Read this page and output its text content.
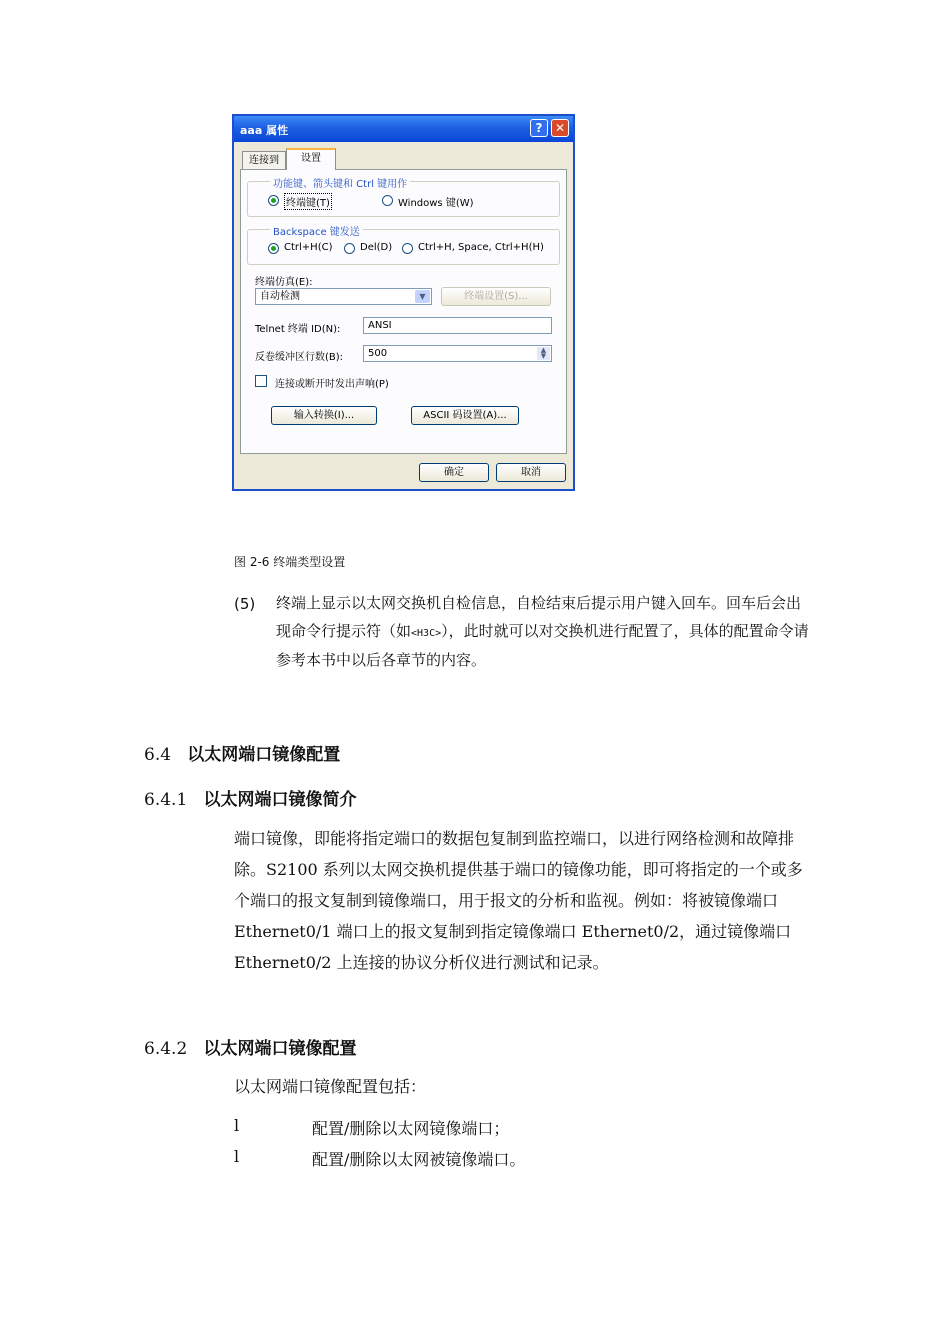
aaa 属性	?	✕
连接到
功能键、箭头键和 Ctrl 键用作
终端键(T)	Windows 键(W)
Backspace 键发送
Ctrl+H(C)	Del(D)	Ctrl+H, Space, Ctrl+H(H)
终端仿真(E):
自动检测	▼	终端设置(S)...
Telnet 终端 ID(N):	ANSI
反卷缓冲区行数(B):	500	▲
▼
连接或断开时发出声响(P)
输入转换(I)...	ASCII 码设置(A)...
设置
确定	取消
图 2-6 终端类型设置
(5) 终端上显示以太网交换机自检信息，自检结束后提示用户键入回车。回车后会出现命令行提示符（如<H3C>），此时就可以对交换机进行配置了，具体的配置命令请参考本书中以后各章节的内容。
6.4 以太网端口镜像配置
6.4.1 以太网端口镜像简介
端口镜像，即能将指定端口的数据包复制到监控端口，以进行网络检测和故障排除。S2100 系列以太网交换机提供基于端口的镜像功能，即可将指定的一个或多个端口的报文复制到镜像端口，用于报文的分析和监视。例如：将被镜像端口 Ethernet0/1 端口上的报文复制到指定镜像端口 Ethernet0/2，通过镜像端口 Ethernet0/2 上连接的协议分析仪进行测试和记录。
6.4.2 以太网端口镜像配置
以太网端口镜像配置包括：
l	配置/删除以太网镜像端口；
l	配置/删除以太网被镜像端口。
